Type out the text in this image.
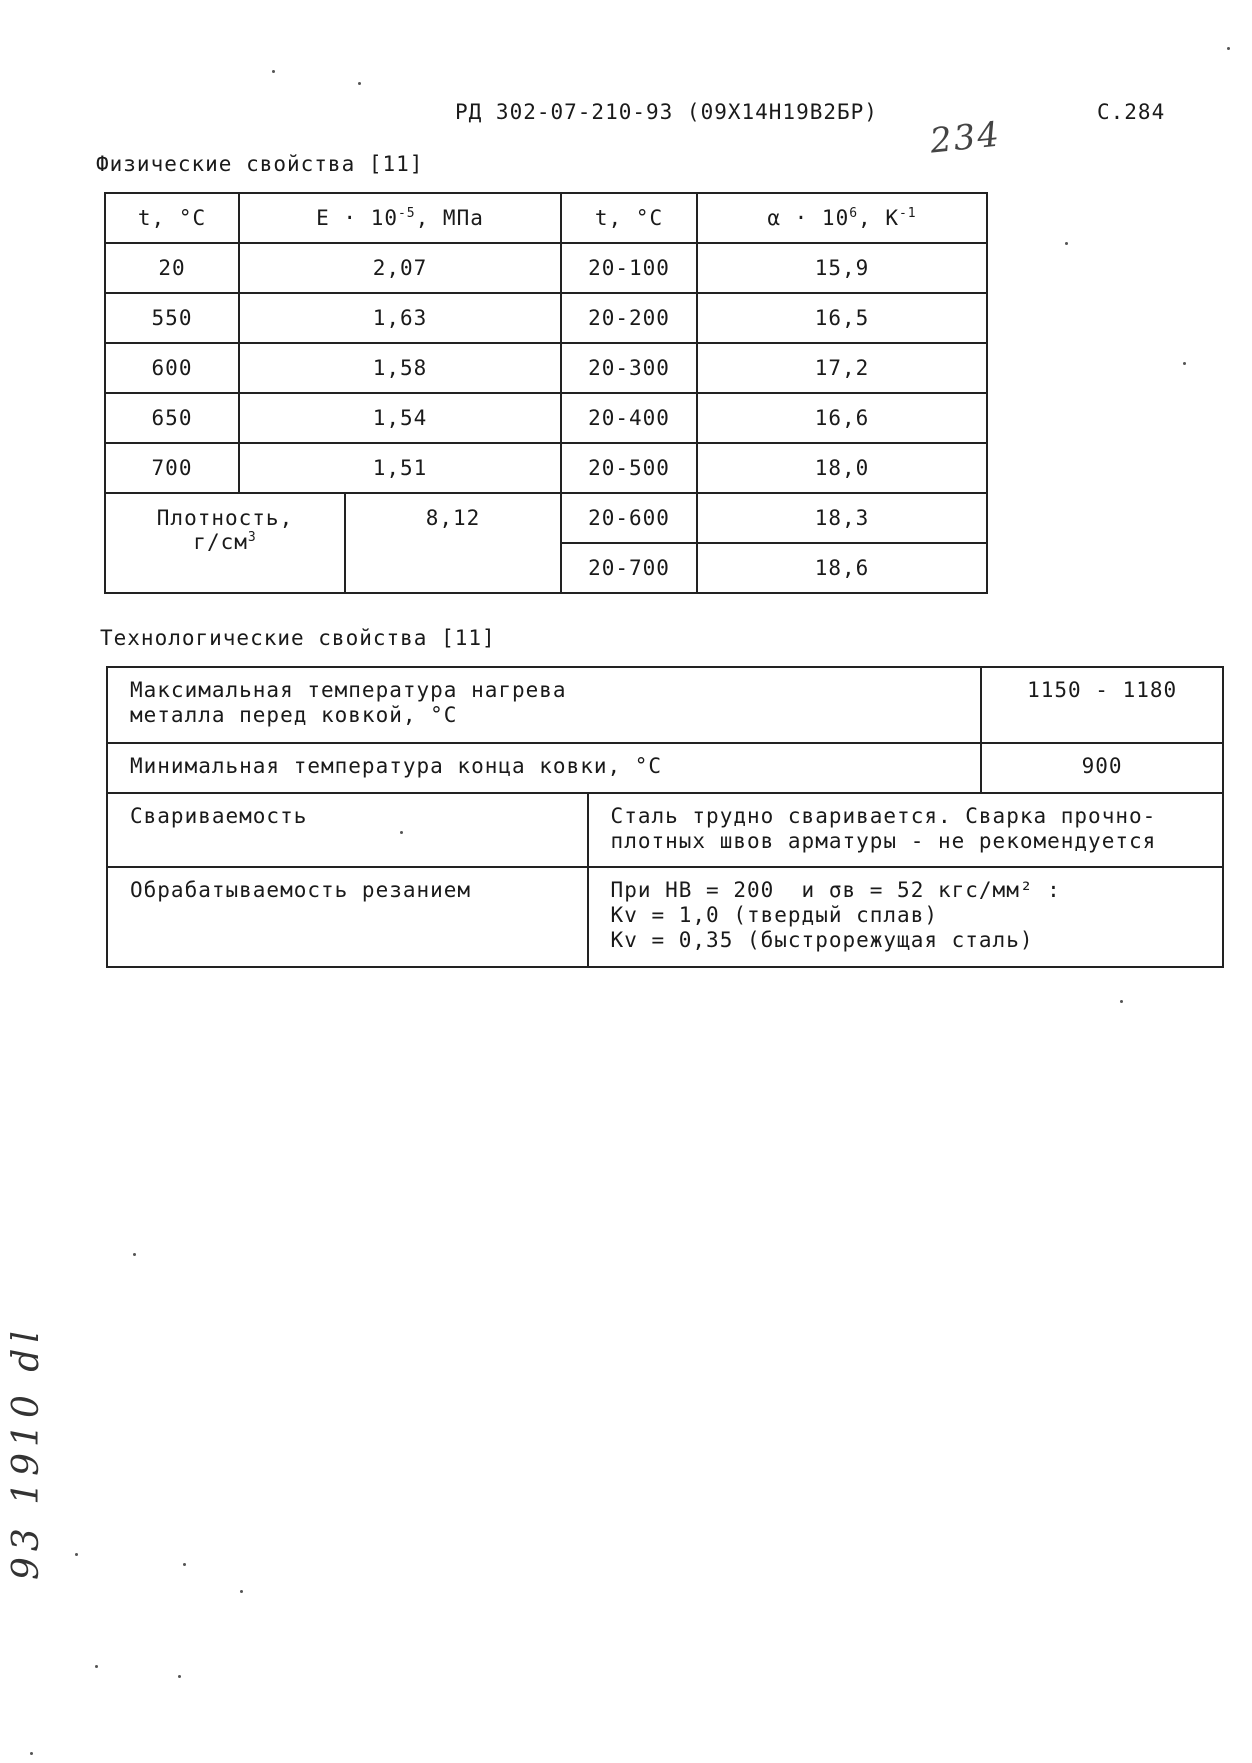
РД 302-07-210-93 (09Х14Н19В2БР)	С.284
234
Физические свойства [11]
t, °C	$E \cdot 10^{-5}$, МПа		t, °C	$\alpha \cdot 10^6$, $K^{-1}$
20	2,07		20-100	15,9
550	1,63		20-200	16,5
600	1,58		20-300	17,2
650	1,54		20-400	16,6
700	1,51		20-500	18,0

Плотность,
$г/см^3$		8,12	20-600	18,3
			20-700	18,6
Технологические свойства [11]
Максимальная температура нагрева
металла перед ковкой, °C		1150 - 1180
Минимальная температура конца ковки, °C		900
Свариваемость	Сталь трудно сваривается. Сварка прочно-
плотных швов арматуры - не рекомендуется	

Обрабатываемость резанием	При НВ = 200  и σв = 52 кгс/мм² :
Kv = 1,0 (твердый сплав)
Kv = 0,35 (быстрорежущая сталь)	
93 1910 dl
